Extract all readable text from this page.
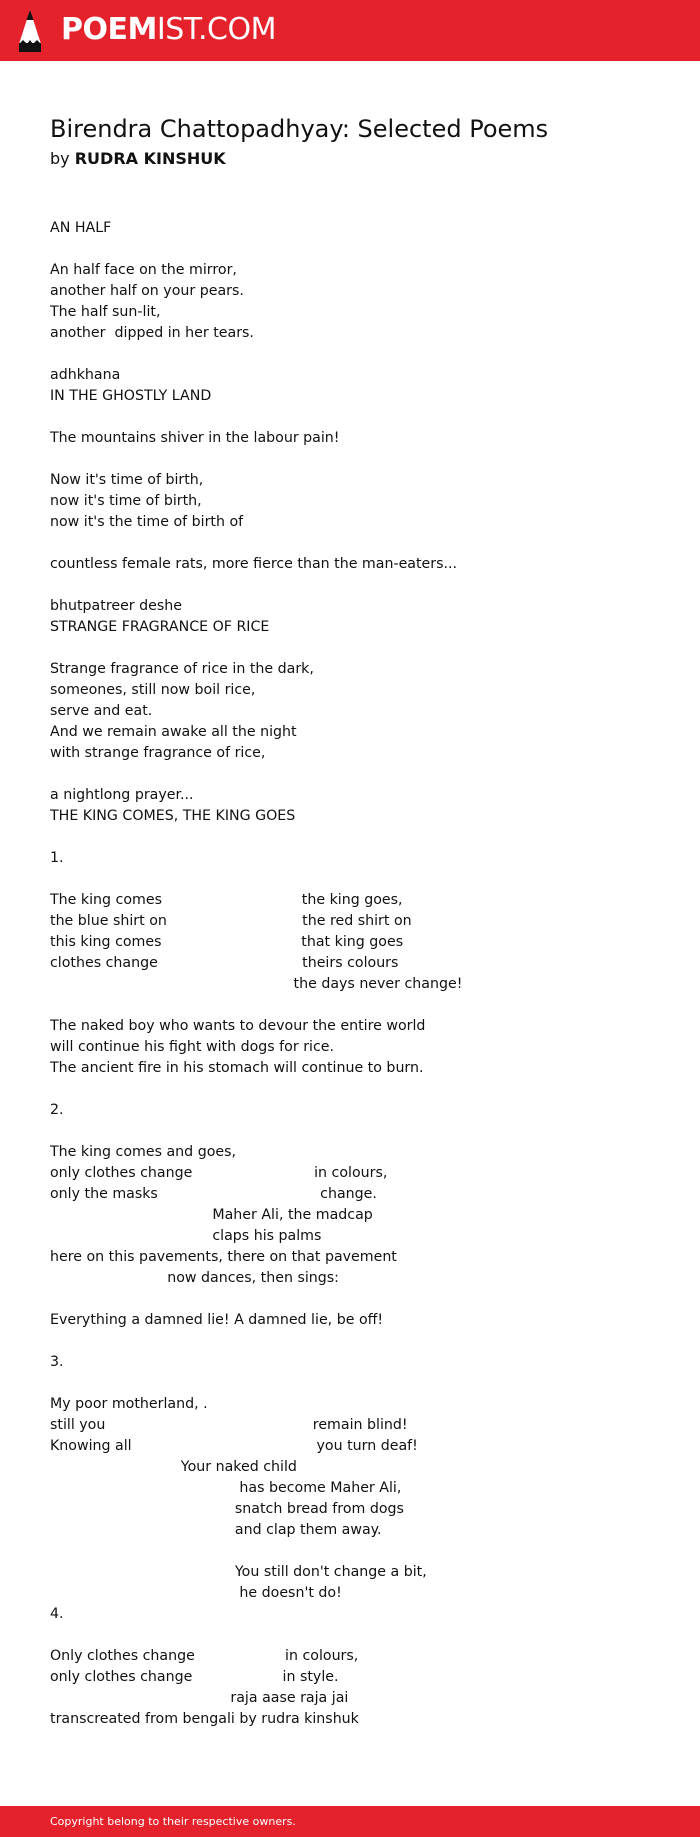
POEMIST.COM
Birendra Chattopadhyay: Selected Poems
by RUDRA KINSHUK
AN HALF
An half face on the mirror,
another half on your pears.
The half sun-lit,
another  dipped in her tears.
adhkhana
IN THE GHOSTLY LAND
The mountains shiver in the labour pain!
Now it's time of birth,
now it's time of birth,
now it's the time of birth of
countless female rats, more fierce than the man-eaters...
bhutpatreer deshe
STRANGE FRAGRANCE OF RICE
Strange fragrance of rice in the dark,
someones, still now boil rice,
serve and eat.
And we remain awake all the night
with strange fragrance of rice,
a nightlong prayer...
THE KING COMES, THE KING GOES
1.
The king comes                               the king goes,
the blue shirt on                              the red shirt on
this king comes                               that king goes
clothes change                                theirs colours
the days never change!
The naked boy who wants to devour the entire world
will continue his fight with dogs for rice.
The ancient fire in his stomach will continue to burn.
2.
The king comes and goes,
only clothes change                           in colours,
only the masks                                    change.
Maher Ali, the madcap
claps his palms
here on this pavements, there on that pavement
now dances, then sings:
Everything a damned lie! A damned lie, be off!
3.
My poor motherland, .
still you                                              remain blind!
Knowing all                                         you turn deaf!
Your naked child
has become Maher Ali,
snatch bread from dogs
and clap them away.
You still don't change a bit,
he doesn't do!
4.
Only clothes change                    in colours,
only clothes change                    in style.
raja aase raja jai
transcreated from bengali by rudra kinshuk
Copyright belong to their respective owners.
